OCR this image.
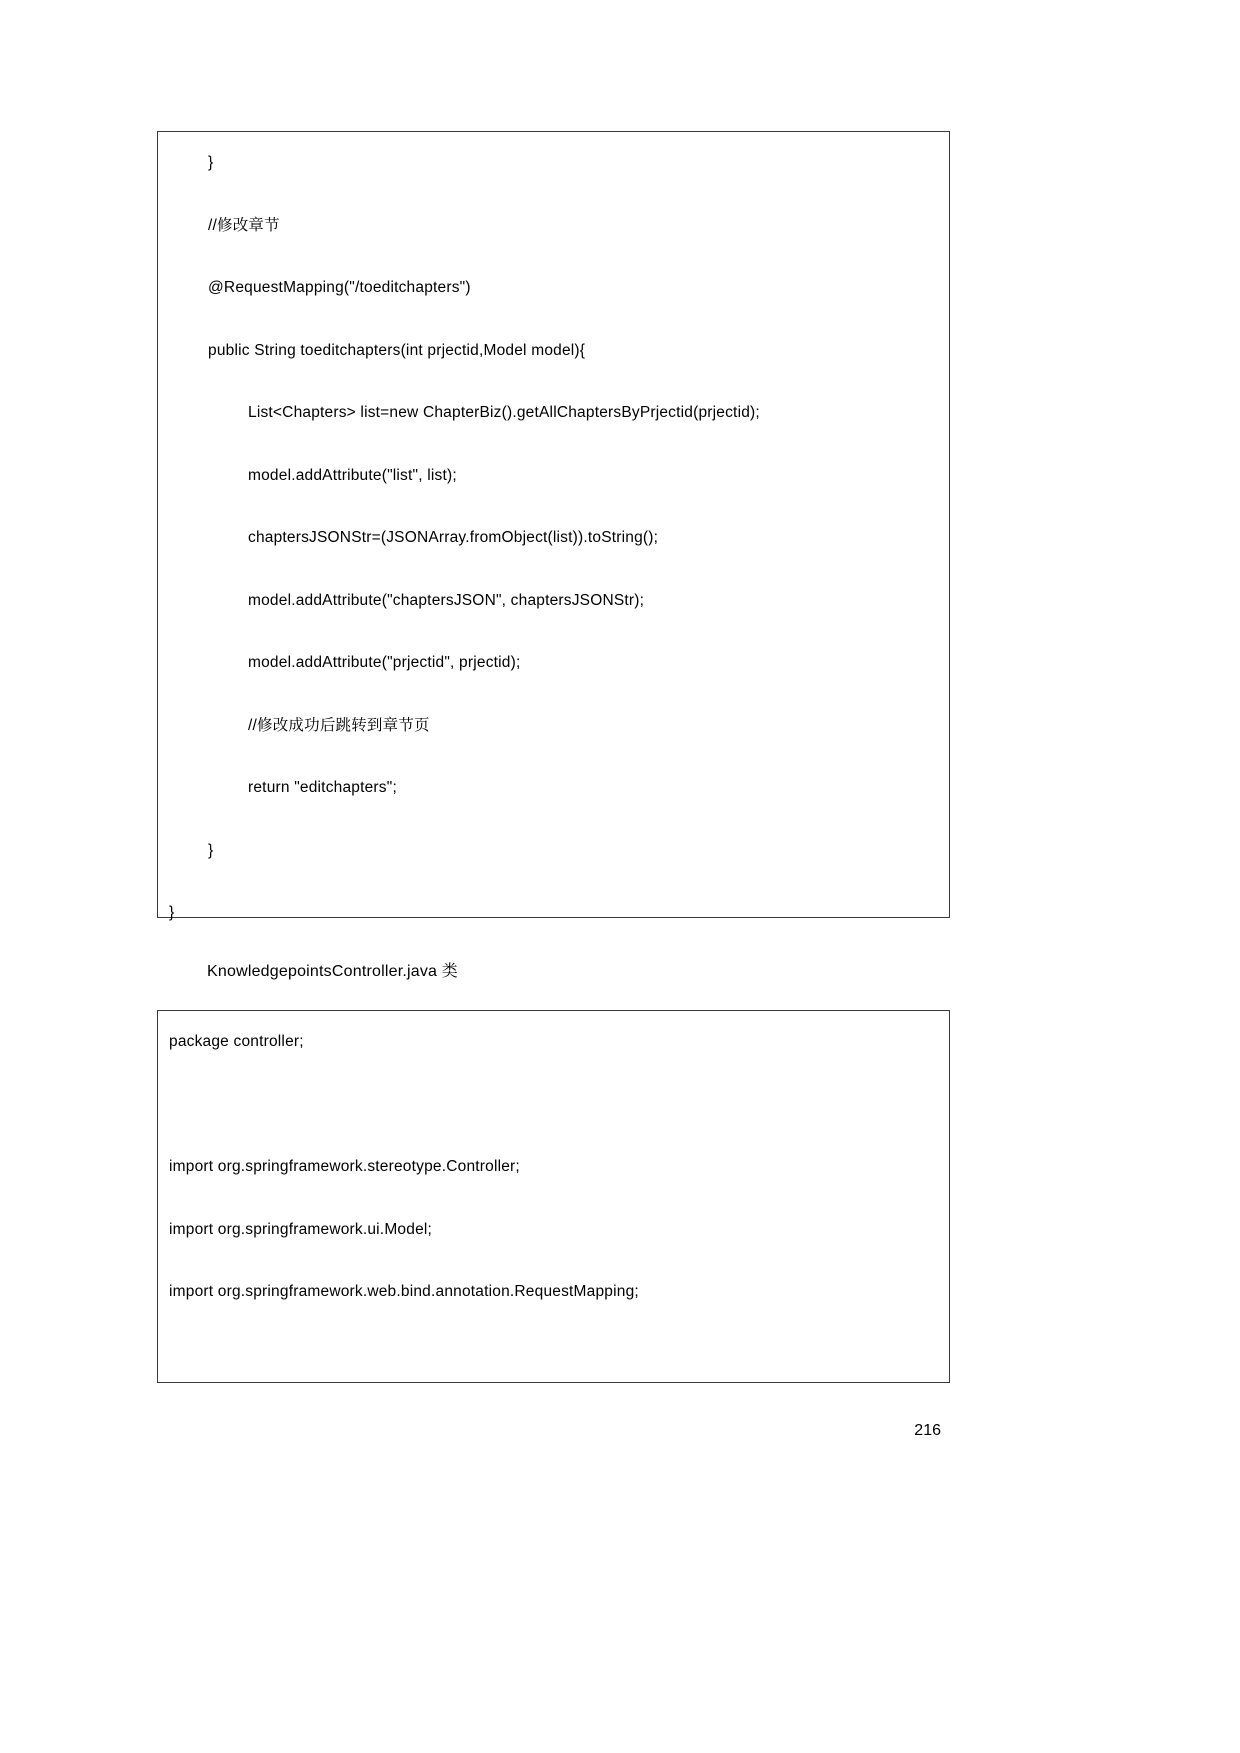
}
//修改章节
@RequestMapping("/toeditchapters")
public String toeditchapters(int prjectid,Model model){
List<Chapters> list=new ChapterBiz().getAllChaptersByPrjectid(prjectid);
model.addAttribute("list", list);
chaptersJSONStr=(JSONArray.fromObject(list)).toString();
model.addAttribute("chaptersJSON", chaptersJSONStr);
model.addAttribute("prjectid", prjectid);
//修改成功后跳转到章节页
return "editchapters";
}
}
KnowledgepointsController.java 类
package controller;
import org.springframework.stereotype.Controller;
import org.springframework.ui.Model;
import org.springframework.web.bind.annotation.RequestMapping;
216
